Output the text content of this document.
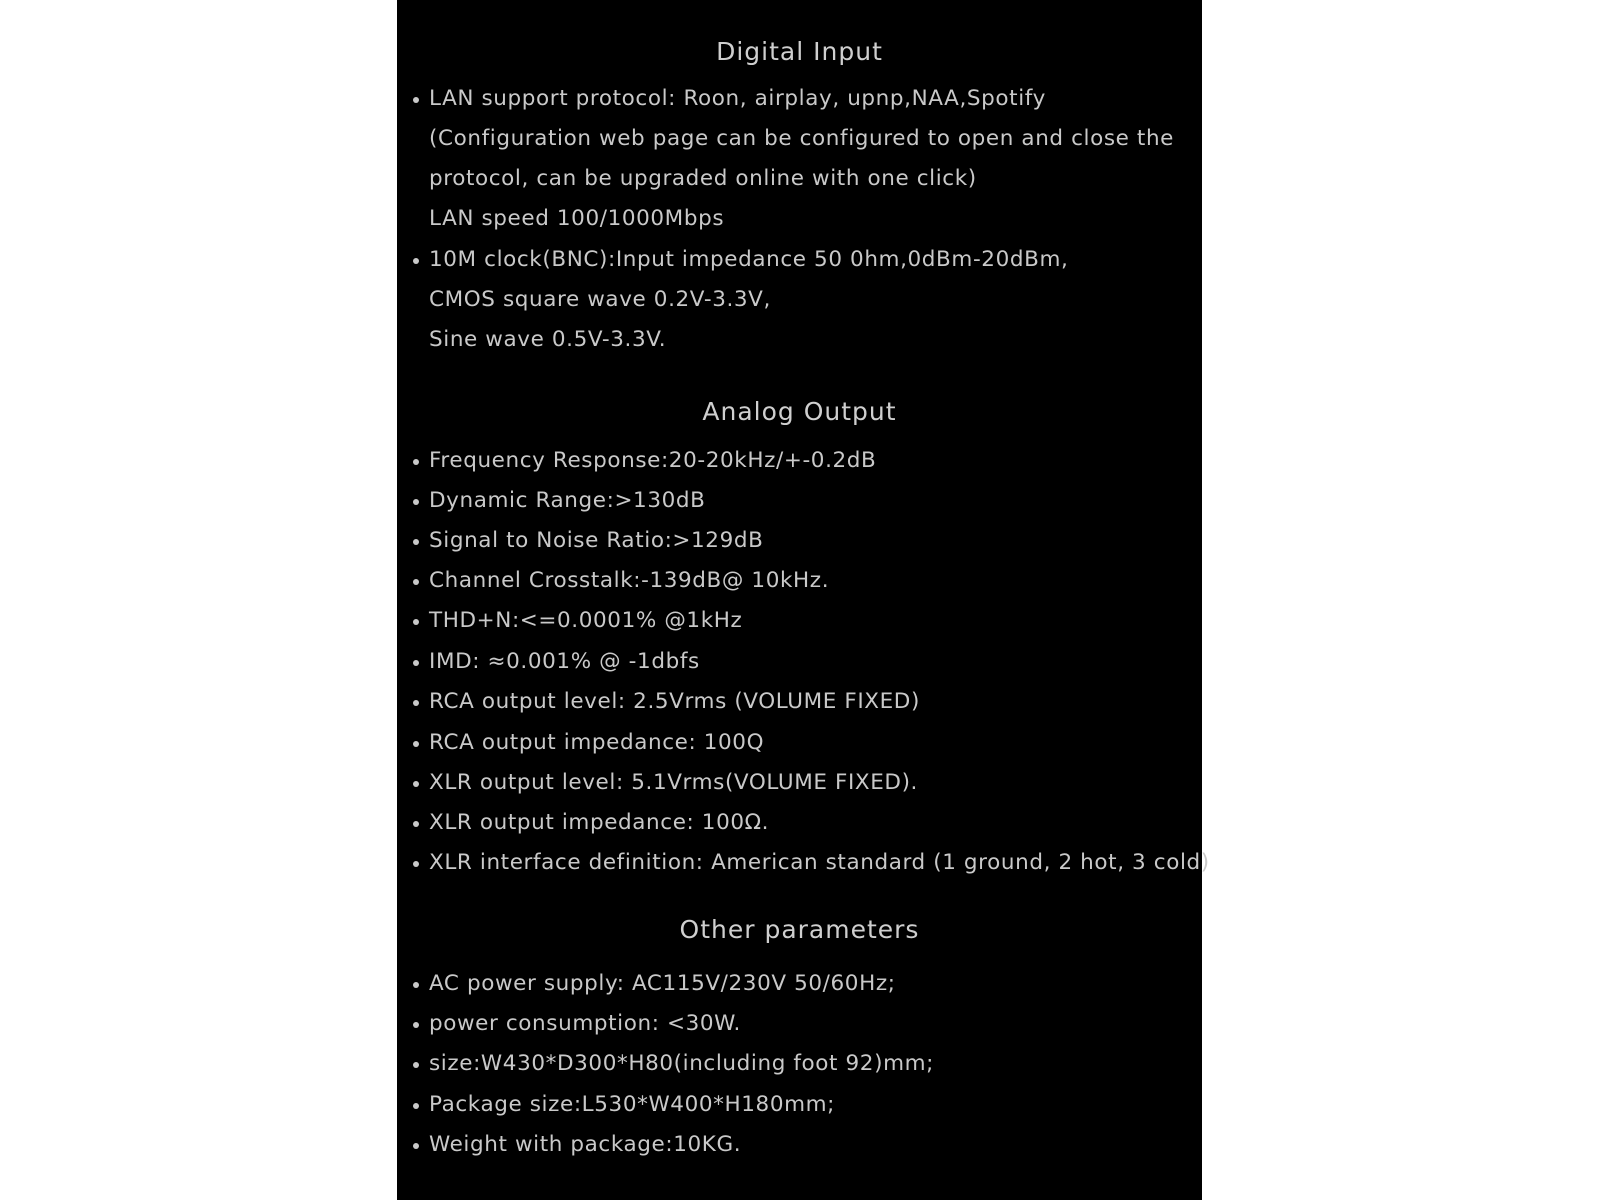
Digital Input
LAN support protocol: Roon, airplay, upnp,NAA,Spotify
(Configuration web page can be configured to open and close the
protocol, can be upgraded online with one click)
LAN speed 100/1000Mbps
10M clock(BNC):Input impedance 50 0hm,0dBm-20dBm,
CMOS square wave 0.2V-3.3V,
Sine wave 0.5V-3.3V.
Analog Output
Frequency Response:20-20kHz/+-0.2dB
Dynamic Range:>130dB
Signal to Noise Ratio:>129dB
Channel Crosstalk:-139dB@ 10kHz.
THD+N:<=0.0001% @1kHz
IMD: ≈0.001% @ -1dbfs
RCA output level: 2.5Vrms (VOLUME FIXED)
RCA output impedance: 100Q
XLR output level: 5.1Vrms(VOLUME FIXED).
XLR output impedance: 100Ω.
XLR interface definition: American standard (1 ground, 2 hot, 3 cold)
Other parameters
AC power supply: AC115V/230V 50/60Hz;
power consumption: <30W.
size:W430*D300*H80(including foot 92)mm;
Package size:L530*W400*H180mm;
Weight with package:10KG.
